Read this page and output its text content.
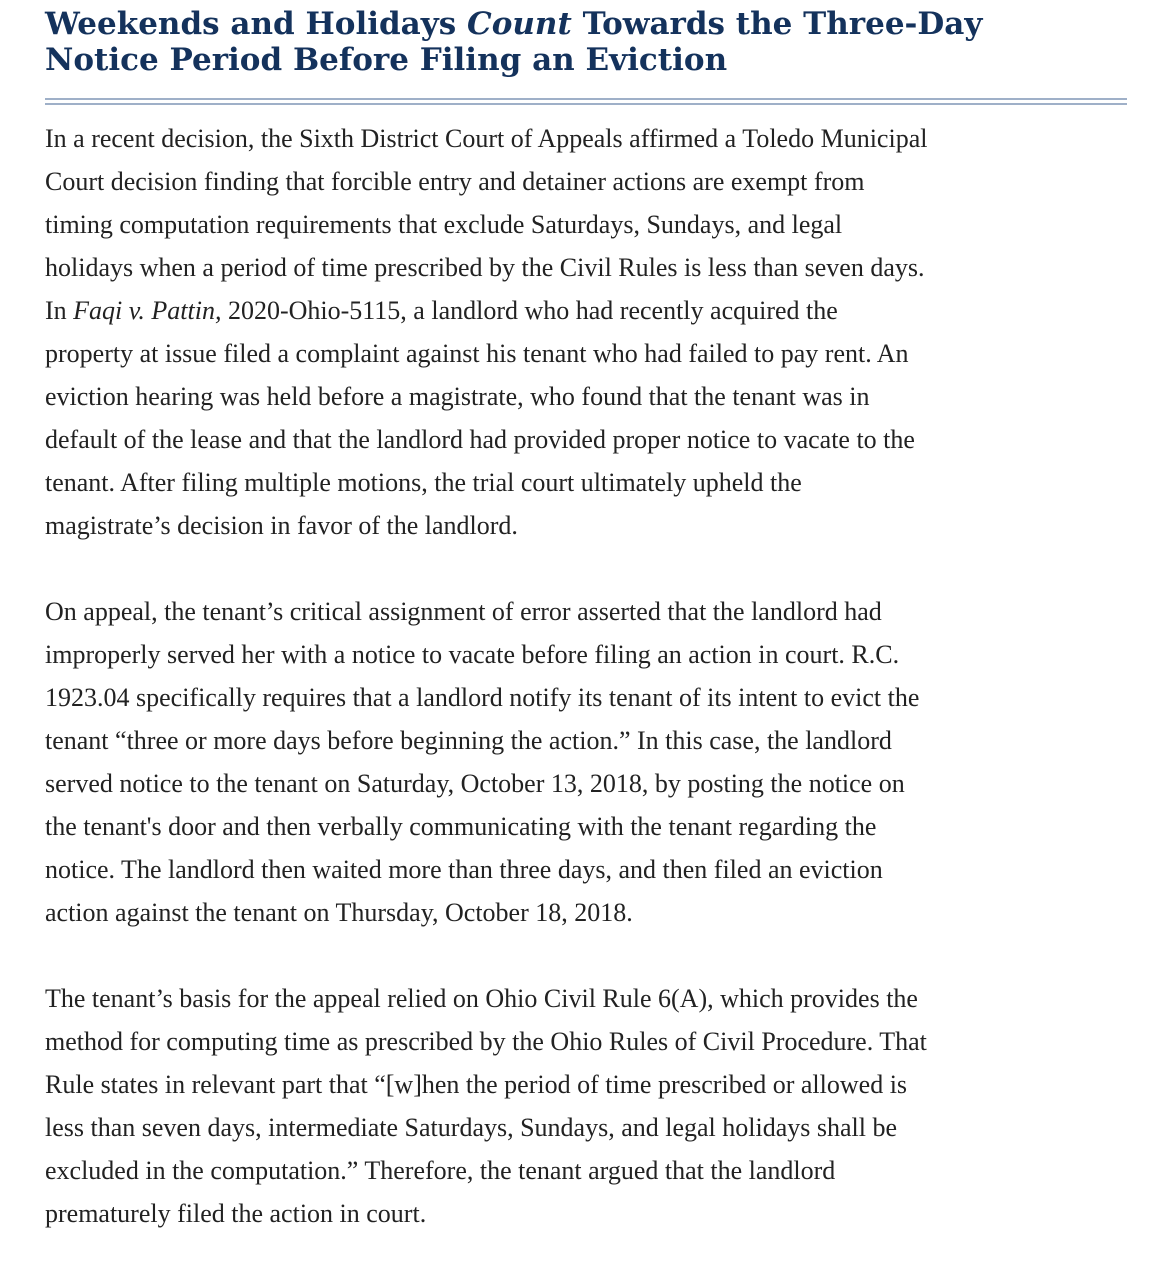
Weekends and Holidays Count Towards the Three-Day
Notice Period Before Filing an Eviction

In a recent decision, the Sixth District Court of Appeals affirmed a Toledo Municipal
Court decision finding that forcible entry and detainer actions are exempt from
timing computation requirements that exclude Saturdays, Sundays, and legal
holidays when a period of time prescribed by the Civil Rules is less than seven days.
In Faqi v. Pattin, 2020-Ohio-5115, a landlord who had recently acquired the
property at issue filed a complaint against his tenant who had failed to pay rent. An
eviction hearing was held before a magistrate, who found that the tenant was in
default of the lease and that the landlord had provided proper notice to vacate to the
tenant. After filing multiple motions, the trial court ultimately upheld the
magistrate’s decision in favor of the landlord.

On appeal, the tenant’s critical assignment of error asserted that the landlord had
improperly served her with a notice to vacate before filing an action in court. R.C.
1923.04 specifically requires that a landlord notify its tenant of its intent to evict the
tenant “three or more days before beginning the action.” In this case, the landlord
served notice to the tenant on Saturday, October 13, 2018, by posting the notice on
the tenant's door and then verbally communicating with the tenant regarding the
notice. The landlord then waited more than three days, and then filed an eviction
action against the tenant on Thursday, October 18, 2018.

The tenant’s basis for the appeal relied on Ohio Civil Rule 6(A), which provides the
method for computing time as prescribed by the Ohio Rules of Civil Procedure. That
Rule states in relevant part that “[w]hen the period of time prescribed or allowed is
less than seven days, intermediate Saturdays, Sundays, and legal holidays shall be
excluded in the computation.” Therefore, the tenant argued that the landlord
prematurely filed the action in court.
